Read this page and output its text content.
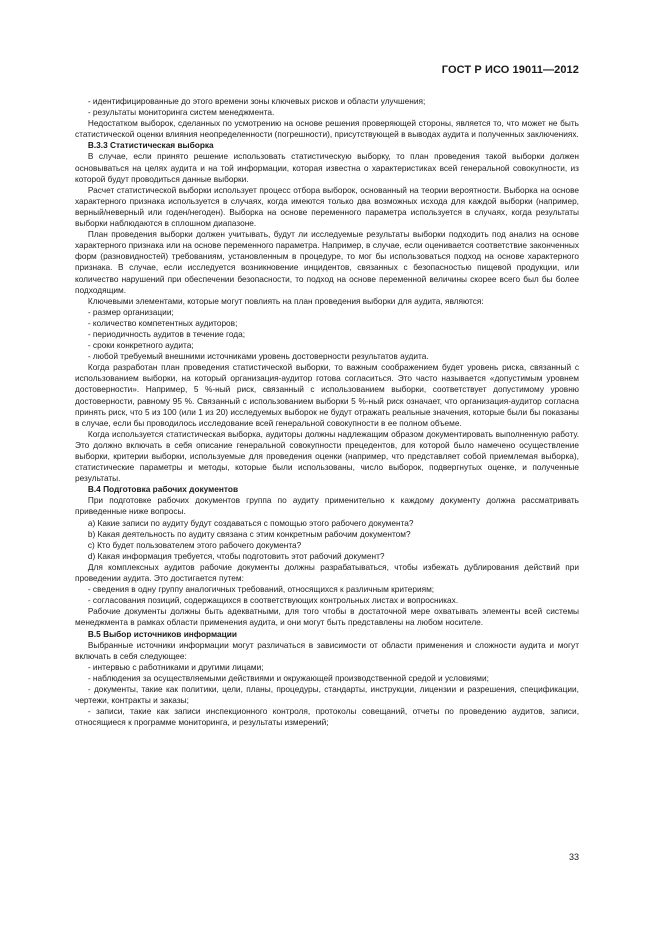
ГОСТ Р ИСО 19011—2012

- идентифицированные до этого времени зоны ключевых рисков и области улучшения;

- результаты мониторинга систем менеджмента.

Недостатком выборок, сделанных по усмотрению на основе решения проверяющей стороны, является то, что может не быть статистической оценки влияния неопределенности (погрешности), присутствующей в выводах аудита и полученных заключениях.

B.3.3 Статистическая выборка

В случае, если принято решение использовать статистическую выборку, то план проведения такой выборки должен основываться на целях аудита и на той информации, которая известна о характеристиках всей генеральной совокупности, из которой будут проводиться данные выборки.

Расчет статистической выборки использует процесс отбора выборок, основанный на теории вероятности. Выборка на основе характерного признака используется в случаях, когда имеются только два возможных исхода для каждой выборки (например, верный/неверный или годен/негоден). Выборка на основе переменного параметра используется в случаях, когда результаты выборки наблюдаются в сплошном диапазоне.

План проведения выборки должен учитывать, будут ли исследуемые результаты выборки подходить под анализ на основе характерного признака или на основе переменного параметра. Например, в случае, если оценивается соответствие законченных форм (разновидностей) требованиям, установленным в процедуре, то мог бы использоваться подход на основе характерного признака. В случае, если исследуется возникновение инцидентов, связанных с безопасностью пищевой продукции, или количество нарушений при обеспечении безопасности, то подход на основе переменной величины скорее всего был бы более подходящим.

Ключевыми элементами, которые могут повлиять на план проведения выборки для аудита, являются:

- размер организации;

- количество компетентных аудиторов;

- периодичность аудитов в течение года;

- сроки конкретного аудита;

- любой требуемый внешними источниками уровень достоверности результатов аудита.

Когда разработан план проведения статистической выборки, то важным соображением будет уровень риска, связанный с использованием выборки, на который организация-аудитор готова согласиться. Это часто называется «допустимым уровнем достоверности». Например, 5 %-ный риск, связанный с использованием выборки, соответствует допустимому уровню достоверности, равному 95 %. Связанный с использованием выборки 5 %-ный риск означает, что организация-аудитор согласна принять риск, что 5 из 100 (или 1 из 20) исследуемых выборок не будут отражать реальные значения, которые были бы показаны в случае, если бы проводилось исследование всей генеральной совокупности в ее полном объеме.

Когда используется статистическая выборка, аудиторы должны надлежащим образом документировать выполненную работу. Это должно включать в себя описание генеральной совокупности прецедентов, для которой было намечено осуществление выборки, критерии выборки, используемые для проведения оценки (например, что представляет собой приемлемая выборка), статистические параметры и методы, которые были использованы, число выборок, подвергнутых оценке, и полученные результаты.

B.4 Подготовка рабочих документов

При подготовке рабочих документов группа по аудиту применительно к каждому документу должна рассматривать приведенные ниже вопросы.

a) Какие записи по аудиту будут создаваться с помощью этого рабочего документа?

b) Какая деятельность по аудиту связана с этим конкретным рабочим документом?

c) Кто будет пользователем этого рабочего документа?

d) Какая информация требуется, чтобы подготовить этот рабочий документ?

Для комплексных аудитов рабочие документы должны разрабатываться, чтобы избежать дублирования действий при проведении аудита. Это достигается путем:

- сведения в одну группу аналогичных требований, относящихся к различным критериям;

- согласования позиций, содержащихся в соответствующих контрольных листах и вопросниках.

Рабочие документы должны быть адекватными, для того чтобы в достаточной мере охватывать элементы всей системы менеджмента в рамках области применения аудита, и они могут быть представлены на любом носителе.

B.5 Выбор источников информации

Выбранные источники информации могут различаться в зависимости от области применения и сложности аудита и могут включать в себя следующее:

- интервью с работниками и другими лицами;

- наблюдения за осуществляемыми действиями и окружающей производственной средой и условиями;

- документы, такие как политики, цели, планы, процедуры, стандарты, инструкции, лицензии и разрешения, спецификации, чертежи, контракты и заказы;

- записи, такие как записи инспекционного контроля, протоколы совещаний, отчеты по проведению аудитов, записи, относящиеся к программе мониторинга, и результаты измерений;

33
